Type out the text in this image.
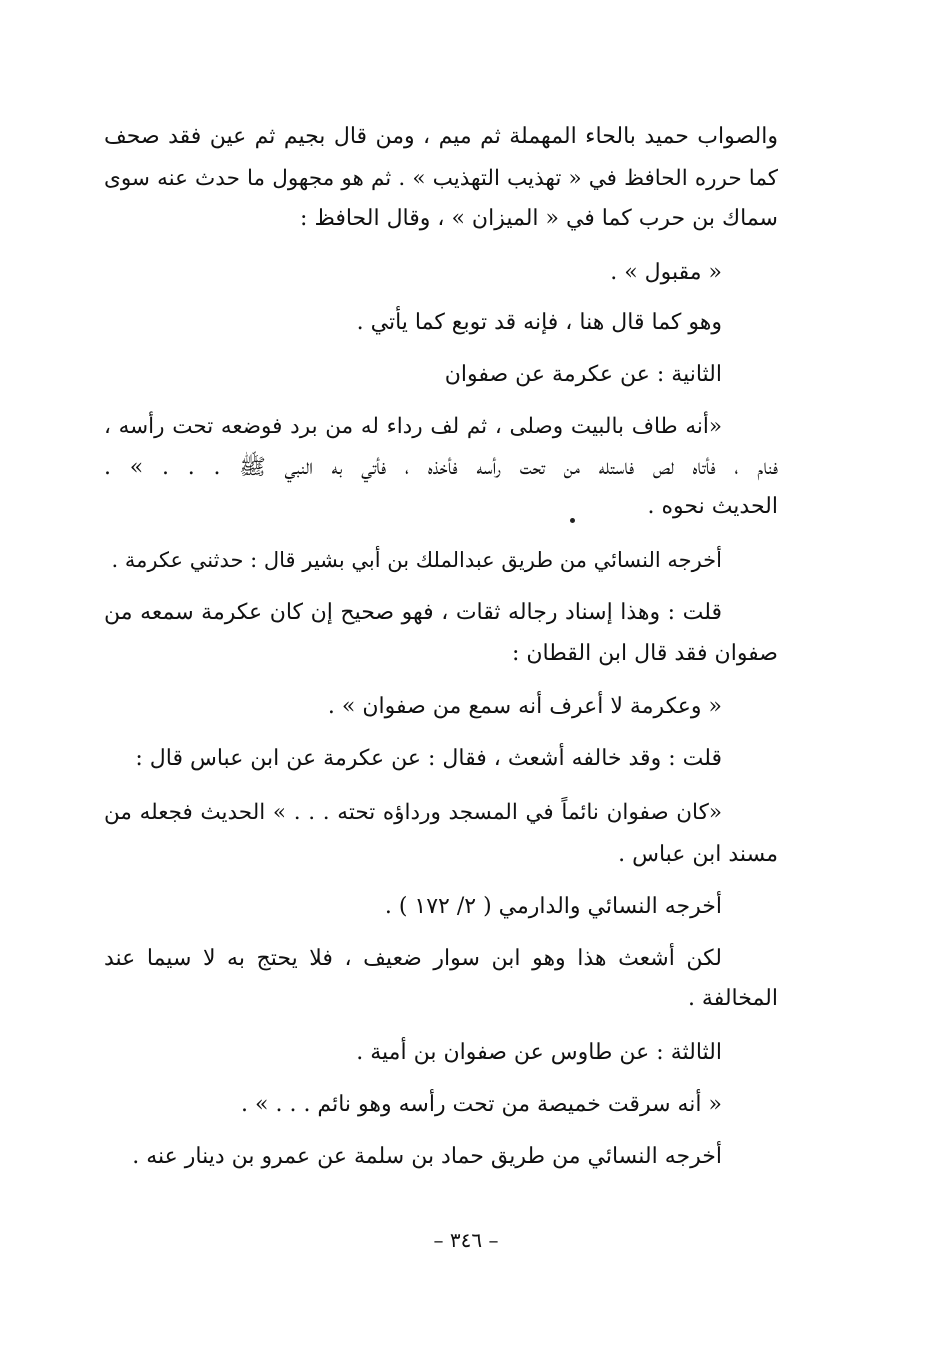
والصواب حميد بالحاء المهملة ثم ميم ، ومن قال بجيم ثم عين فقد صحف
كما حرره الحافظ في « تهذيب التهذيب » . ثم هو مجهول ما حدث عنه سوى
سماك بن حرب كما في « الميزان » ، وقال الحافظ :
« مقبول » .
وهو كما قال هنا ، فإنه قد توبع كما يأتي .
الثانية : عن عكرمة عن صفوان
«أنه طاف بالبيت وصلى ، ثم لف رداء له من برد فوضعه تحت رأسه ،
فنام ، فأتاه لص فاستله من تحت رأسه فأخذه ، فأتي به النبي ﷺ . . . » .
الحديث نحوه .
أخرجه النسائي من طريق عبدالملك بن أبي بشير قال : حدثني عكرمة .
قلت : وهذا إسناد رجاله ثقات ، فهو صحيح إن كان عكرمة سمعه من
صفوان فقد قال ابن القطان :
« وعكرمة لا أعرف أنه سمع من صفوان » .
قلت : وقد خالفه أشعث ، فقال : عن عكرمة عن ابن عباس قال :
«كان صفوان نائماً في المسجد ورداؤه تحته . . . » الحديث فجعله من
مسند ابن عباس .
أخرجه النسائي والدارمي ( ٢/ ١٧٢ ) .
لكن أشعث هذا وهو ابن سوار ضعيف ، فلا يحتج به لا سيما عند
المخالفة .
الثالثة : عن طاوس عن صفوان بن أمية .
« أنه سرقت خميصة من تحت رأسه وهو نائم . . . » .
أخرجه النسائي من طريق حماد بن سلمة عن عمرو بن دينار عنه .
– ٣٤٦ –
